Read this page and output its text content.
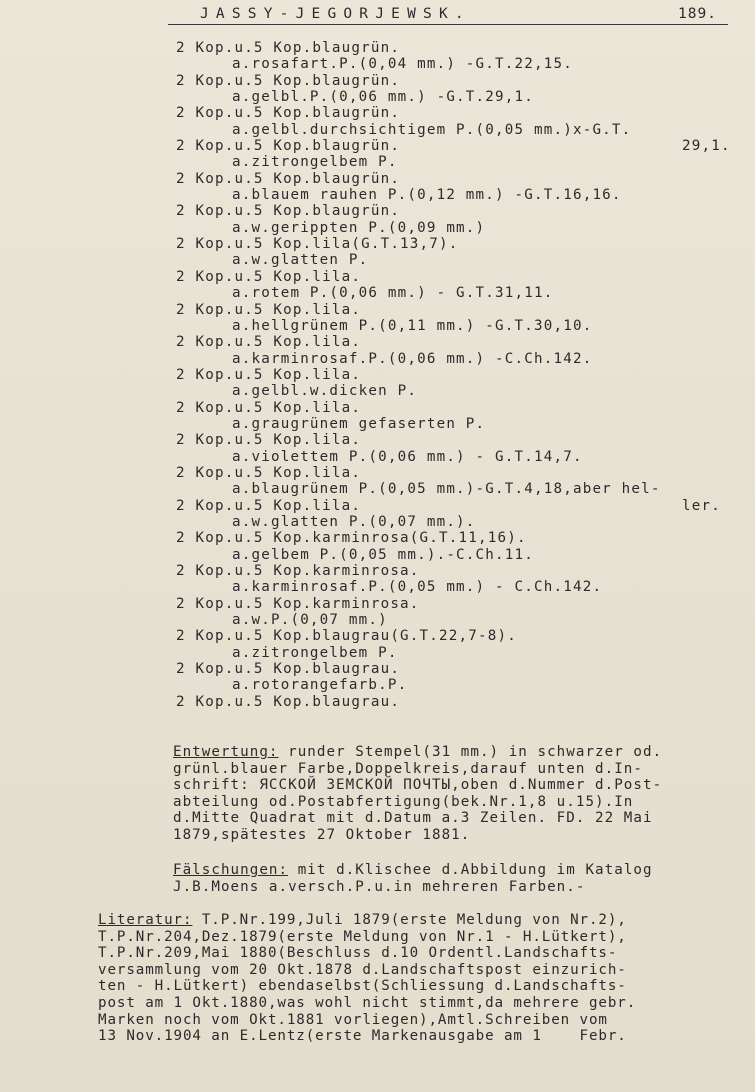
JASSY-JEGORJEWSK.	189.
2 Kop.u.5 Kop.blaugrün.
a.rosafart.P.(0,04 mm.) -G.T.22,15.
2 Kop.u.5 Kop.blaugrün.
a.gelbl.P.(0,06 mm.) -G.T.29,1.
2 Kop.u.5 Kop.blaugrün.
a.gelbl.durchsichtigem P.(0,05 mm.)x-G.T.
2 Kop.u.5 Kop.blaugrün.	29,1.
a.zitrongelbem P.
2 Kop.u.5 Kop.blaugrün.
a.blauem rauhen P.(0,12 mm.) -G.T.16,16.
2 Kop.u.5 Kop.blaugrün.
a.w.gerippten P.(0,09 mm.)
2 Kop.u.5 Kop.lila(G.T.13,7).
a.w.glatten P.
2 Kop.u.5 Kop.lila.
a.rotem P.(0,06 mm.) - G.T.31,11.
2 Kop.u.5 Kop.lila.
a.hellgrünem P.(0,11 mm.) -G.T.30,10.
2 Kop.u.5 Kop.lila.
a.karminrosaf.P.(0,06 mm.) -C.Ch.142.
2 Kop.u.5 Kop.lila.
a.gelbl.w.dicken P.
2 Kop.u.5 Kop.lila.
a.graugrünem gefaserten P.
2 Kop.u.5 Kop.lila.
a.violettem P.(0,06 mm.) - G.T.14,7.
2 Kop.u.5 Kop.lila.
a.blaugrünem P.(0,05 mm.)-G.T.4,18,aber hel-
2 Kop.u.5 Kop.lila.	ler.
a.w.glatten P.(0,07 mm.).
2 Kop.u.5 Kop.karminrosa(G.T.11,16).
a.gelbem P.(0,05 mm.).-C.Ch.11.
2 Kop.u.5 Kop.karminrosa.
a.karminrosaf.P.(0,05 mm.) - C.Ch.142.
2 Kop.u.5 Kop.karminrosa.
a.w.P.(0,07 mm.)
2 Kop.u.5 Kop.blaugrau(G.T.22,7-8).
a.zitrongelbem P.
2 Kop.u.5 Kop.blaugrau.
a.rotorangefarb.P.
2 Kop.u.5 Kop.blaugrau.
Entwertung: runder Stempel(31 mm.) in schwarzer od.
grünl.blauer Farbe,Doppelkreis,darauf unten d.In-
schrift: ЯССКОЙ ЗЕМСКОЙ ПОЧТЫ,oben d.Nummer d.Post-
abteilung od.Postabfertigung(bek.Nr.1,8 u.15).In
d.Mitte Quadrat mit d.Datum a.3 Zeilen. FD. 22 Mai
1879,spätestes 27 Oktober 1881.
Fälschungen: mit d.Klischee d.Abbildung im Katalog
J.B.Moens a.versch.P.u.in mehreren Farben.-
Literatur: T.P.Nr.199,Juli 1879(erste Meldung von Nr.2),
T.P.Nr.204,Dez.1879(erste Meldung von Nr.1 - H.Lütkert),
T.P.Nr.209,Mai 1880(Beschluss d.10 Ordentl.Landschafts-
versammlung vom 20 Okt.1878 d.Landschaftspost einzurich-
ten - H.Lütkert) ebendaselbst(Schliessung d.Landschafts-
post am 1 Okt.1880,was wohl nicht stimmt,da mehrere gebr.
Marken noch vom Okt.1881 vorliegen),Amtl.Schreiben vom
13 Nov.1904 an E.Lentz(erste Markenausgabe am 1    Febr.
